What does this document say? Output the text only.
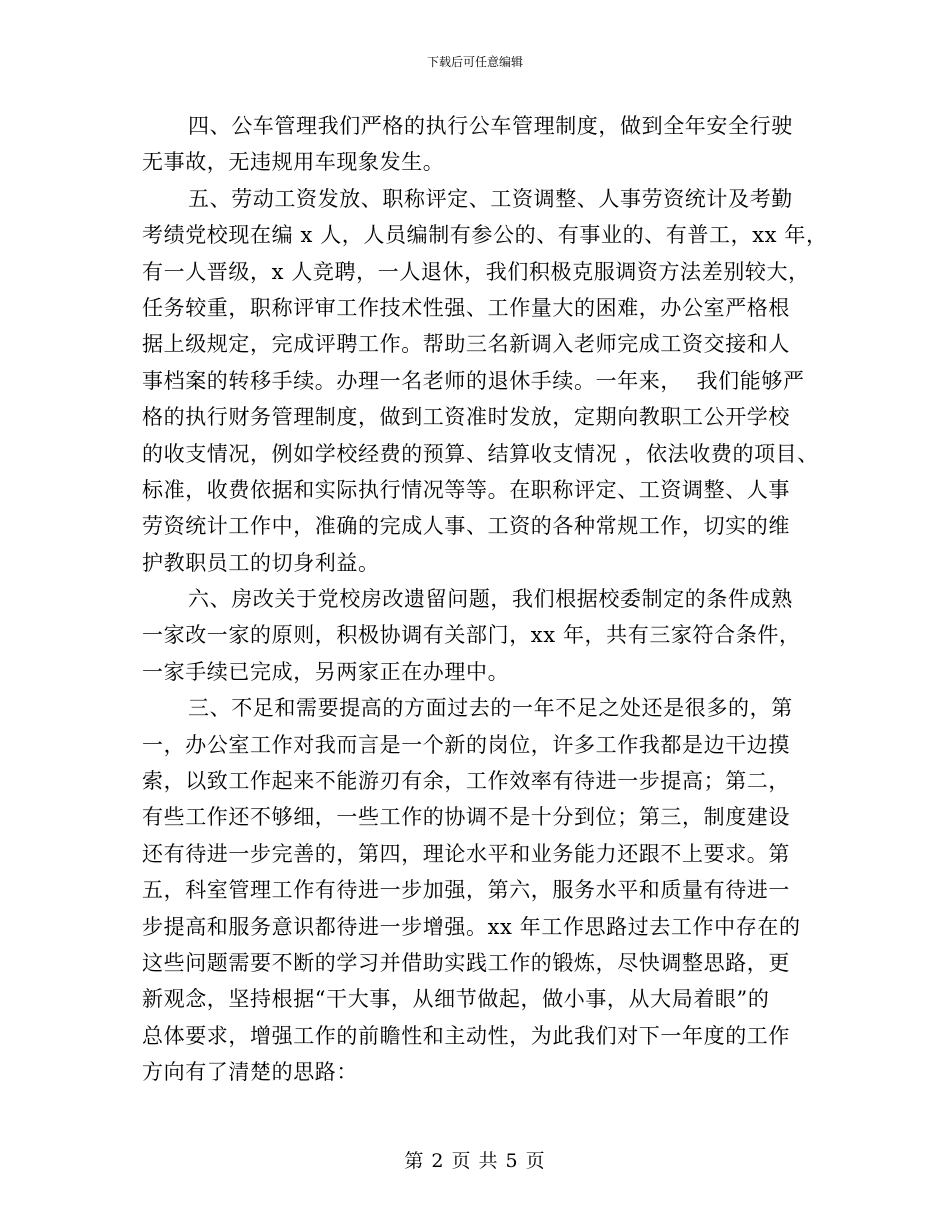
下载后可任意编辑
四、公车管理我们严格的执行公车管理制度，做到全年安全行驶
无事故，无违规用车现象发生。
五、劳动工资发放、职称评定、工资调整、人事劳资统计及考勤
考绩党校现在编 x 人，人员编制有参公的、有事业的、有普工，xx 年，
有一人晋级，x 人竞聘，一人退休，我们积极克服调资方法差别较大，
任务较重，职称评审工作技术性强、工作量大的困难，办公室严格根
据上级规定，完成评聘工作。帮助三名新调入老师完成工资交接和人
事档案的转移手续。办理一名老师的退休手续。一年来，  我们能够严
格的执行财务管理制度，做到工资准时发放，定期向教职工公开学校
的收支情况，例如学校经费的预算、结算收支情况 ，依法收费的项目、
标准，收费依据和实际执行情况等等。在职称评定、工资调整、人事
劳资统计工作中，准确的完成人事、工资的各种常规工作，切实的维
护教职员工的切身利益。
六、房改关于党校房改遗留问题，我们根据校委制定的条件成熟
一家改一家的原则，积极协调有关部门，xx 年，共有三家符合条件，
一家手续已完成，另两家正在办理中。
三、不足和需要提高的方面过去的一年不足之处还是很多的，第
一，办公室工作对我而言是一个新的岗位，许多工作我都是边干边摸
索，以致工作起来不能游刃有余，工作效率有待进一步提高；第二，
有些工作还不够细，一些工作的协调不是十分到位；第三，制度建设
还有待进一步完善的，第四，理论水平和业务能力还跟不上要求。第
五，科室管理工作有待进一步加强，第六，服务水平和质量有待进一
步提高和服务意识都待进一步增强。xx 年工作思路过去工作中存在的
这些问题需要不断的学习并借助实践工作的锻炼，尽快调整思路，更
新观念，坚持根据“干大事，从细节做起，做小事，从大局着眼”的
总体要求，增强工作的前瞻性和主动性，为此我们对下一年度的工作
方向有了清楚的思路：
第 2 页 共 5 页
